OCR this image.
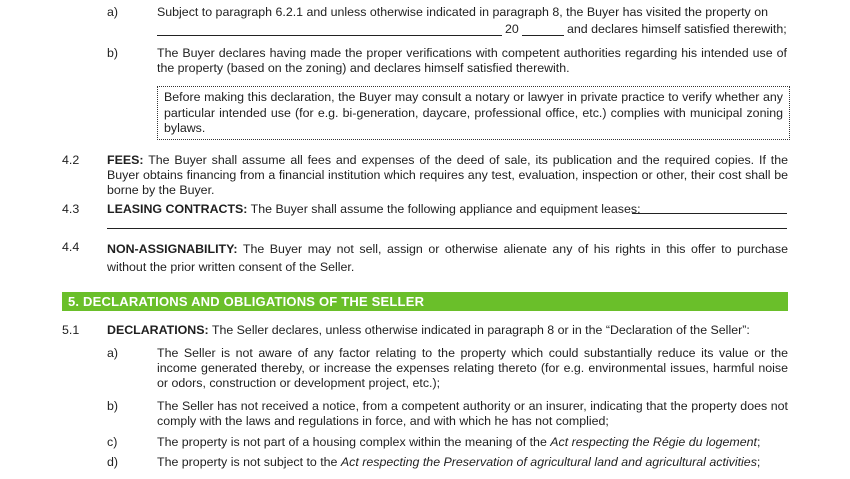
a)	Subject to paragraph 6.2.1 and unless otherwise indicated in paragraph 8, the Buyer has visited the property on
20	and declares himself satisfied therewith;
b)	The Buyer declares having made the proper verifications with competent authorities regarding his intended use of the property (based on the zoning) and declares himself satisfied therewith.
Before making this declaration, the Buyer may consult a notary or lawyer in private practice to verify whether any particular intended use (for e.g. bi-generation, daycare, professional office, etc.) complies with municipal zoning bylaws.
4.2 FEES: The Buyer shall assume all fees and expenses of the deed of sale, its publication and the required copies. If the Buyer obtains financing from a financial institution which requires any test, evaluation, inspection or other, their cost shall be borne by the Buyer.
4.3 LEASING CONTRACTS: The Buyer shall assume the following appliance and equipment leases:
4.4 NON-ASSIGNABILITY: The Buyer may not sell, assign or otherwise alienate any of his rights in this offer to purchase without the prior written consent of the Seller.
5. DECLARATIONS AND OBLIGATIONS OF THE SELLER
5.1 DECLARATIONS: The Seller declares, unless otherwise indicated in paragraph 8 or in the “Declaration of the Seller”:
a)	The Seller is not aware of any factor relating to the property which could substantially reduce its value or the income generated thereby, or increase the expenses relating thereto (for e.g. environmental issues, harmful noise or odors, construction or development project, etc.);
b)	The Seller has not received a notice, from a competent authority or an insurer, indicating that the property does not comply with the laws and regulations in force, and with which he has not complied;
c)	The property is not part of a housing complex within the meaning of the Act respecting the Régie du logement;
d)	The property is not subject to the Act respecting the Preservation of agricultural land and agricultural activities;
